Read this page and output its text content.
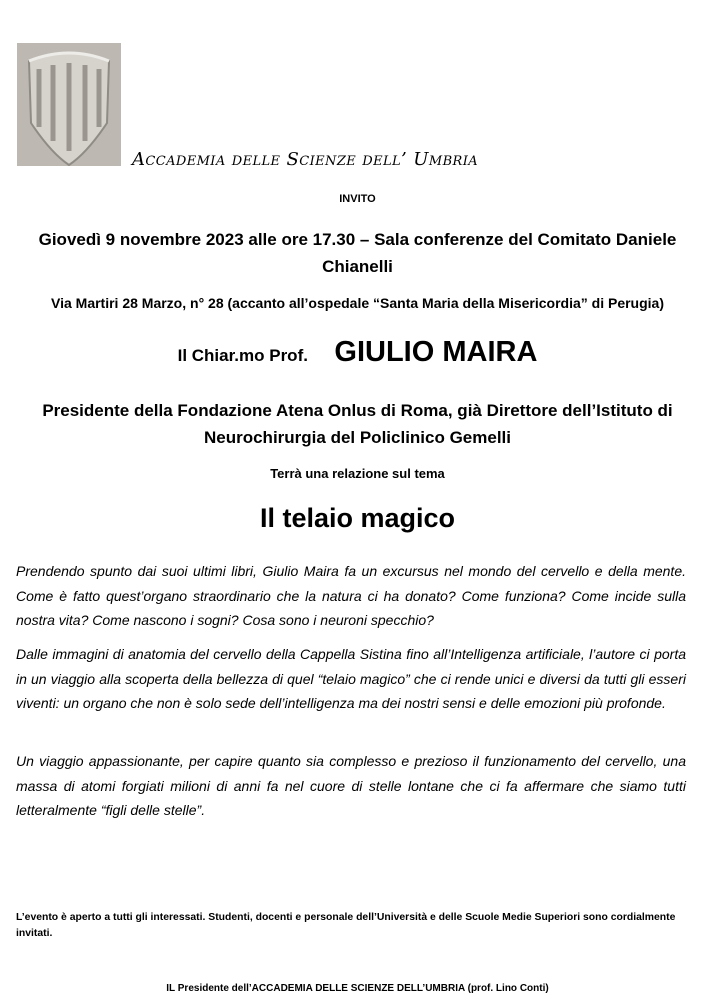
Accademia delle Scienze dell’ Umbria
INVITO
Giovedì 9 novembre 2023 alle ore 17.30 – Sala conferenze del Comitato Daniele Chianelli
Via Martiri 28 Marzo, n° 28 (accanto all’ospedale “Santa Maria della Misericordia” di Perugia)
Il Chiar.mo Prof. GIULIO MAIRA
Presidente della Fondazione Atena Onlus di Roma, già Direttore dell’Istituto di Neurochirurgia del Policlinico Gemelli
Terrà una relazione sul tema
Il telaio magico

Prendendo spunto dai suoi ultimi libri, Giulio Maira fa un excursus nel mondo del cervello e della mente. Come è fatto quest’organo straordinario che la natura ci ha donato? Come funziona? Come incide sulla nostra vita? Come nascono i sogni? Cosa sono i neuroni specchio?

Dalle immagini di anatomia del cervello della Cappella Sistina fino all’Intelligenza artificiale, l’autore ci porta in un viaggio alla scoperta della bellezza di quel “telaio magico” che ci rende unici e diversi da tutti gli esseri viventi: un organo che non è solo sede dell’intelligenza ma dei nostri sensi e delle emozioni più profonde.

Un viaggio appassionante, per capire quanto sia complesso e prezioso il funzionamento del cervello, una massa di atomi forgiati milioni di anni fa nel cuore di stelle lontane che ci fa affermare che siamo tutti letteralmente “figli delle stelle”.

L’evento è aperto a tutti gli interessati. Studenti, docenti e personale dell’Università e delle Scuole Medie Superiori sono cordialmente invitati.
IL Presidente dell’ACCADEMIA DELLE SCIENZE DELL’UMBRIA (prof. Lino Conti)
